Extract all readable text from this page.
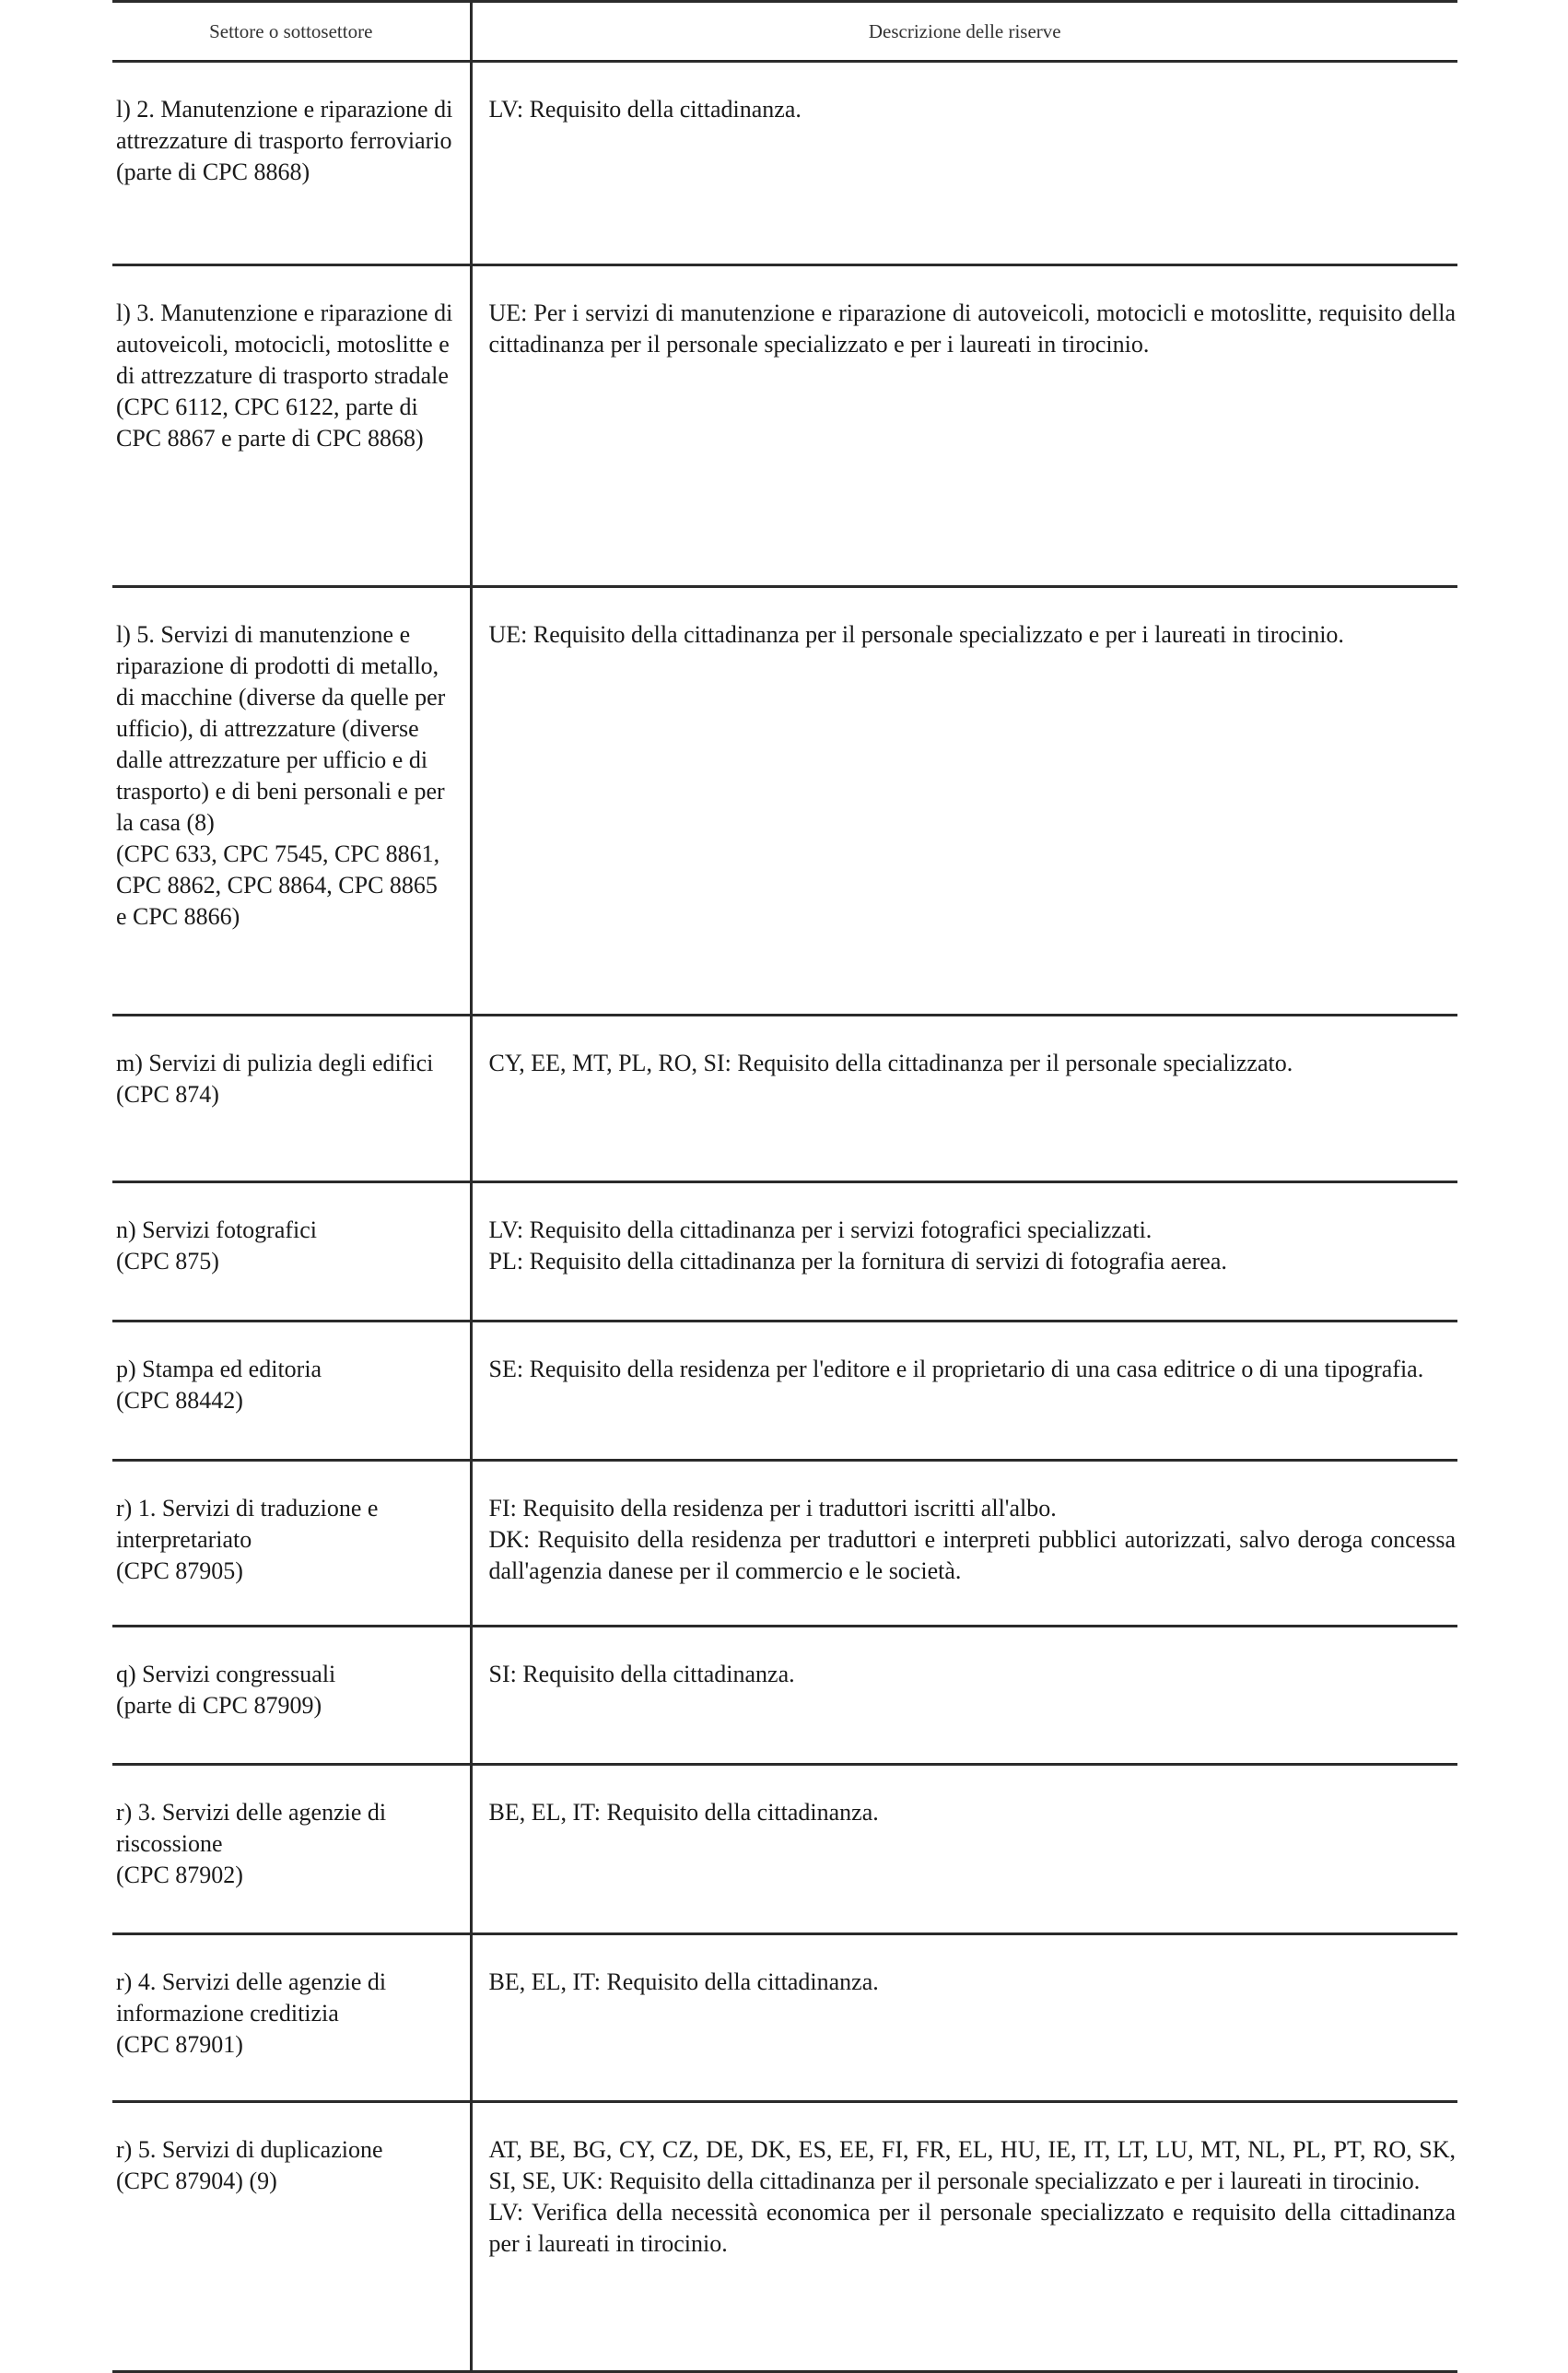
Settore o sottosettore	Descrizione delle riserve

l) 2. Manutenzione e riparazione di attrezzature di trasporto ferroviario
(parte di CPC 8868)	LV: Requisito della cittadinanza.

l) 3. Manutenzione e riparazione di autoveicoli, motocicli, motoslitte e di attrezzature di trasporto stradale
(CPC 6112, CPC 6122, parte di CPC 8867 e parte di CPC 8868)	UE: Per i servizi di manutenzione e riparazione di autoveicoli, motocicli e motoslitte, requisito della cittadinanza per il personale specializzato e per i laureati in tirocinio.

l) 5. Servizi di manutenzione e riparazione di prodotti di metallo, di macchine (diverse da quelle per ufficio), di attrezzature (diverse dalle attrezzature per ufficio e di trasporto) e di beni personali e per la casa (8)
(CPC 633, CPC 7545, CPC 8861, CPC 8862, CPC 8864, CPC 8865 e CPC 8866)	UE: Requisito della cittadinanza per il personale specializzato e per i laureati in tirocinio.

m) Servizi di pulizia degli edifici
(CPC 874)	CY, EE, MT, PL, RO, SI: Requisito della cittadinanza per il personale specializzato.

n) Servizi fotografici
(CPC 875)	LV: Requisito della cittadinanza per i servizi fotografici specializzati.
PL: Requisito della cittadinanza per la fornitura di servizi di fotografia aerea.

p) Stampa ed editoria
(CPC 88442)	SE: Requisito della residenza per l'editore e il proprietario di una casa editrice o di una tipografia.

r) 1. Servizi di traduzione e interpretariato
(CPC 87905)	FI: Requisito della residenza per i traduttori iscritti all'albo.
DK: Requisito della residenza per traduttori e interpreti pubblici autorizzati, salvo deroga concessa dall'agenzia danese per il commercio e le società.

q) Servizi congressuali
(parte di CPC 87909)	SI: Requisito della cittadinanza.

r) 3. Servizi delle agenzie di riscossione
(CPC 87902)	BE, EL, IT: Requisito della cittadinanza.

r) 4. Servizi delle agenzie di informazione creditizia
(CPC 87901)	BE, EL, IT: Requisito della cittadinanza.

r) 5. Servizi di duplicazione
(CPC 87904) (9)	AT, BE, BG, CY, CZ, DE, DK, ES, EE, FI, FR, EL, HU, IE, IT, LT, LU, MT, NL, PL, PT, RO, SK, SI, SE, UK: Requisito della cittadinanza per il personale specializzato e per i laureati in tirocinio.
LV: Verifica della necessità economica per il personale specializzato e requisito della cittadinanza per i laureati in tirocinio.
